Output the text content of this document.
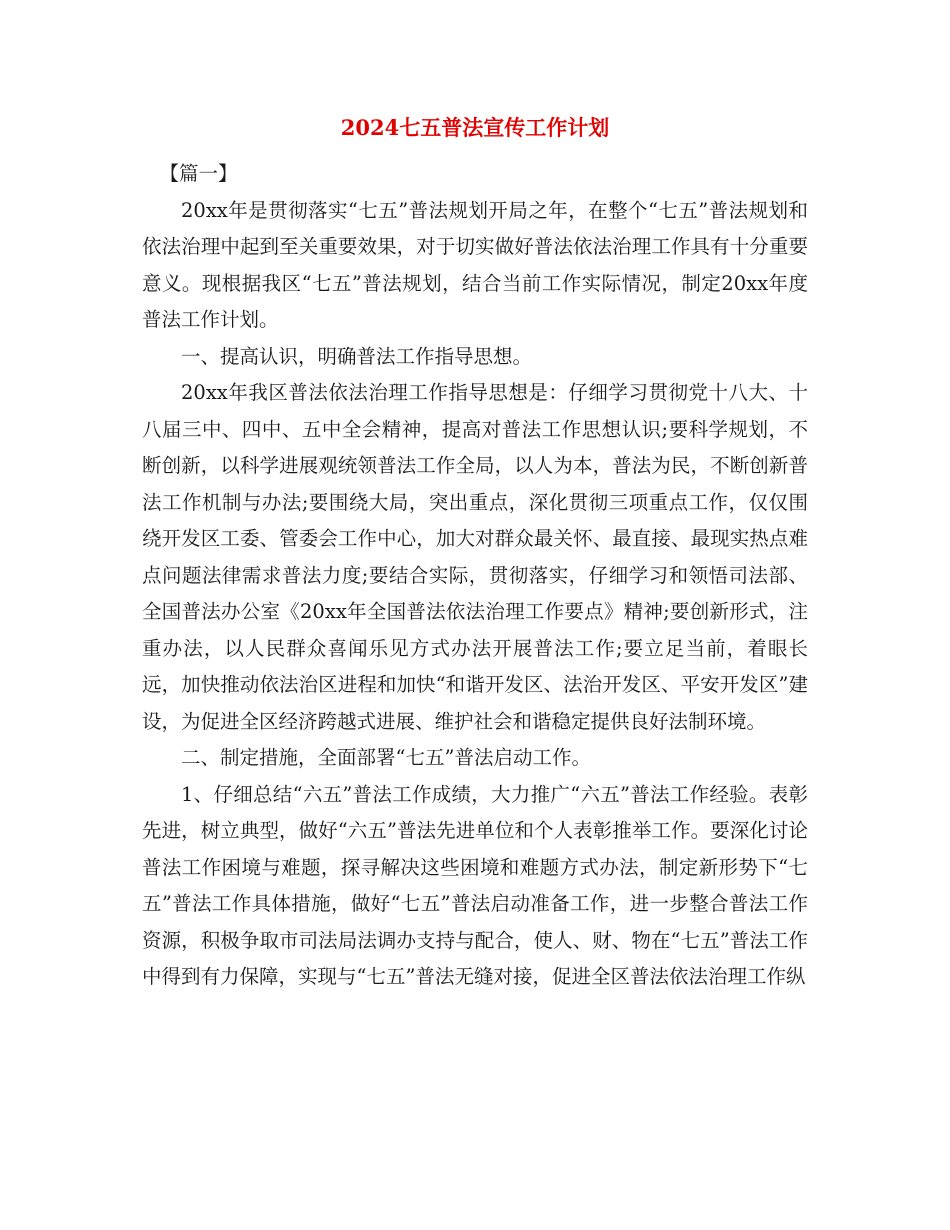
2024七五普法宣传工作计划

【篇一】

20xx年是贯彻落实“七五”普法规划开局之年，在整个“七五”普法规划和依法治理中起到至关重要效果，对于切实做好普法依法治理工作具有十分重要意义。现根据我区“七五”普法规划，结合当前工作实际情况，制定20xx年度普法工作计划。

一、提高认识，明确普法工作指导思想。

20xx年我区普法依法治理工作指导思想是：仔细学习贯彻党十八大、十八届三中、四中、五中全会精神，提高对普法工作思想认识;要科学规划，不断创新，以科学进展观统领普法工作全局，以人为本，普法为民，不断创新普法工作机制与办法;要围绕大局，突出重点，深化贯彻三项重点工作，仅仅围绕开发区工委、管委会工作中心，加大对群众最关怀、最直接、最现实热点难点问题法律需求普法力度;要结合实际，贯彻落实，仔细学习和领悟司法部、全国普法办公室《20xx年全国普法依法治理工作要点》精神;要创新形式，注重办法，以人民群众喜闻乐见方式办法开展普法工作;要立足当前，着眼长远，加快推动依法治区进程和加快“和谐开发区、法治开发区、平安开发区”建设，为促进全区经济跨越式进展、维护社会和谐稳定提供良好法制环境。

二、制定措施，全面部署“七五”普法启动工作。

1、仔细总结“六五”普法工作成绩，大力推广“六五”普法工作经验。表彰先进，树立典型，做好“六五”普法先进单位和个人表彰推举工作。要深化讨论普法工作困境与难题，探寻解决这些困境和难题方式办法，制定新形势下“七五”普法工作具体措施，做好“七五”普法启动准备工作，进一步整合普法工作资源，积极争取市司法局法调办支持与配合，使人、财、物在“七五”普法工作中得到有力保障，实现与“七五”普法无缝对接，促进全区普法依法治理工作纵
